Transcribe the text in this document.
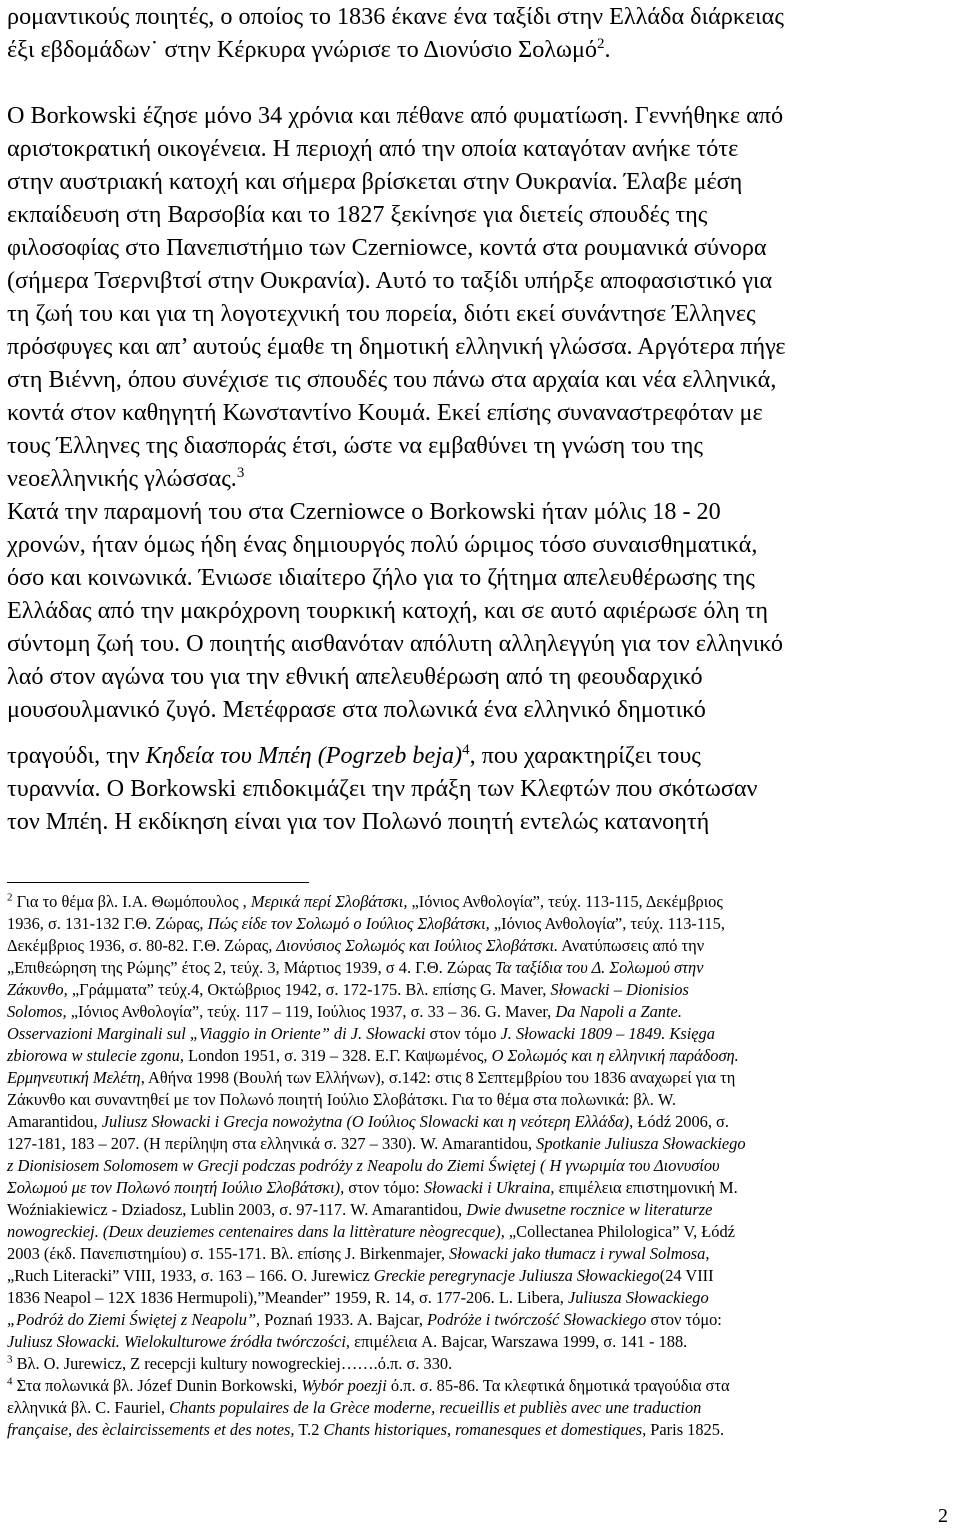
ρομαντικούς ποιητές, ο οποίος το 1836 έκανε ένα ταξίδι στην Ελλάδα διάρκειας
έξι εβδομάδων˙ στην Κέρκυρα γνώρισε το Διονύσιο Σολωμό$^2$.
Ο Borkowski έζησε μόνο 34 χρόνια και πέθανε από φυματίωση. Γεννήθηκε από
αριστοκρατική οικογένεια. Η περιοχή από την οποία καταγόταν ανήκε τότε
στην αυστριακή κατοχή και σήμερα βρίσκεται στην Ουκρανία. Έλαβε μέση
εκπαίδευση στη Βαρσοβία και το 1827 ξεκίνησε για διετείς σπουδές της
φιλοσοφίας στο Πανεπιστήμιο των Czerniowce, κοντά στα ρουμανικά σύνορα
(σήμερα Τσερνιβτσί στην Ουκρανία). Αυτό το ταξίδι υπήρξε αποφασιστικό για
τη ζωή του και για τη λογοτεχνική του πορεία, διότι εκεί συνάντησε Έλληνες
πρόσφυγες και απ’ αυτούς έμαθε τη δημοτική ελληνική γλώσσα. Αργότερα πήγε
στη Βιέννη, όπου συνέχισε τις σπουδές του πάνω στα αρχαία και νέα ελληνικά,
κοντά στον καθηγητή Κωνσταντίνο Κουμά. Εκεί επίσης συναναστρεφόταν με
τους Έλληνες της διασποράς έτσι, ώστε να εμβαθύνει τη γνώση του της
νεοελληνικής γλώσσας.$^3$
Κατά την παραμονή του στα Czerniowce ο Borkowski ήταν μόλις 18 - 20
χρονών, ήταν όμως ήδη ένας δημιουργός πολύ ώριμος τόσο συναισθηματικά,
όσο και κοινωνικά. Ένιωσε ιδιαίτερο ζήλο για το ζήτημα απελευθέρωσης της
Ελλάδας από την μακρόχρονη τουρκική κατοχή, και σε αυτό αφιέρωσε όλη τη
σύντομη ζωή του. Ο ποιητής αισθανόταν απόλυτη αλληλεγγύη για τον ελληνικό
λαό στον αγώνα του για την εθνική απελευθέρωση από τη φεουδαρχικό
μουσουλμανικό ζυγό. Μετέφρασε στα πολωνικά ένα ελληνικό δημοτικό
τραγούδι, την Κηδεία του Μπέη (Pogrzeb beja)$^4$, που χαρακτηρίζει τους
τυραννία. Ο Borkowski επιδοκιμάζει την πράξη των Κλεφτών που σκότωσαν
τον Μπέη. Η εκδίκηση είναι για τον Πολωνό ποιητή εντελώς κατανοητή
$^2$ Για το θέμα βλ. Ι.Α. Θωμόπουλος , Μερικά περί Σλοβάτσκι, „Ιόνιος Ανθολογία”, τεύχ. 113-115, Δεκέμβριος
1936, σ. 131-132 Γ.Θ. Ζώρας, Πώς είδε τον Σολωμό ο Ιούλιος Σλοβάτσκι, „Ιόνιος Ανθολογία”, τεύχ. 113-115,
Δεκέμβριος 1936, σ. 80-82. Γ.Θ. Ζώρας, Διονύσιος Σολωμός και Ιούλιος Σλοβάτσκι. Ανατύπωσεις από την
„Επιθεώρηση της Ρώμης” έτος 2, τεύχ. 3, Μάρτιος 1939, σ 4. Γ.Θ. Ζώρας Τα ταξίδια του Δ. Σολωμού στην
Ζάκυνθο, „Γράμματα” τεύχ.4, Οκτώβριος 1942, σ. 172-175. Βλ. επίσης G. Maver, Słowacki – Dionisios
Solomos, „Ιόνιος Ανθολογία”, τεύχ. 117 – 119, Ιούλιος 1937, σ. 33 – 36. G. Maver, Da Napoli a Zante.
Osservazioni Marginali sul „Viaggio in Oriente” di J. Słowacki στον τόμο J. Słowacki 1809 – 1849. Księga
zbiorowa w stulecie zgonu, London 1951, σ. 319 – 328. Ε.Γ. Καψωμένος, Ο Σολωμός και η ελληνική παράδοση.
Ερμηνευτική Μελέτη, Αθήνα 1998 (Βουλή των Ελλήνων), σ.142: στις 8 Σεπτεμβρίου του 1836 αναχωρεί για τη
Ζάκυνθο και συναντηθεί με τον Πολωνό ποιητή Ιούλιο Σλοβάτσκι. Για το θέμα στα πολωνικά: βλ. W.
Amarantidou, Juliusz Słowacki i Grecja nowożytna (Ο Ιούλιος Slowacki και η νεότερη Ελλάδα), Łódź 2006, σ.
127-181, 183 – 207. (Η περίληψη στα ελληνικά σ. 327 – 330). W. Amarantidou, Spotkanie Juliusza Słowackiego
z Dionisiosem Solomosem w Grecji podczas podróży z Neapolu do Ziemi Świętej ( Η γνωριμία του Διονυσίου
Σολωμού με τον Πολωνό ποιητή Ιούλιο Σλοβάτσκι), στον τόμο: Słowacki i Ukraina, επιμέλεια επιστημονική M.
Woźniakiewicz - Dziadosz, Lublin 2003, σ. 97-117. W. Amarantidou, Dwie dwusetne rocznice w literaturze
nowogreckiej. (Deux deuziemes centenaires dans la littèrature nèogrecque), „Collectanea Philologica” V, Łódź
2003 (έκδ. Πανεπιστημίου) σ. 155-171. Βλ. επίσης J. Birkenmajer, Słowacki jako tłumacz i rywal Solmosa,
„Ruch Literacki” VIII, 1933, σ. 163 – 166. O. Jurewicz Greckie peregrynacje Juliusza Słowackiego(24 VIII
1836 Neapol – 12X 1836 Hermupoli),”Meander” 1959, R. 14, σ. 177-206. L. Libera, Juliusza Słowackiego
„Podróż do Ziemi Świętej z Neapolu”, Poznań 1933. A. Bajcar, Podróże i twórczość Słowackiego στον τόμο:
Juliusz Słowacki. Wielokulturowe źródła twórczości, επιμέλεια A. Bajcar, Warszawa 1999, σ. 141 - 188.
$^3$ Βλ. O. Jurewicz, Z recepcji kultury nowogreckiej…….ό.π. σ. 330.
$^4$ Στα πολωνικά βλ. Józef Dunin Borkowski, Wybór poezji ό.π. σ. 85-86. Τα κλεφτικά δημοτικά τραγούδια στα
ελληνικά βλ. C. Fauriel, Chants populaires de la Grèce moderne, recueillis et publiès avec une traduction
française, des èclaircissements et des notes, T.2 Chants historiques, romanesques et domestiques, Paris 1825.
2
